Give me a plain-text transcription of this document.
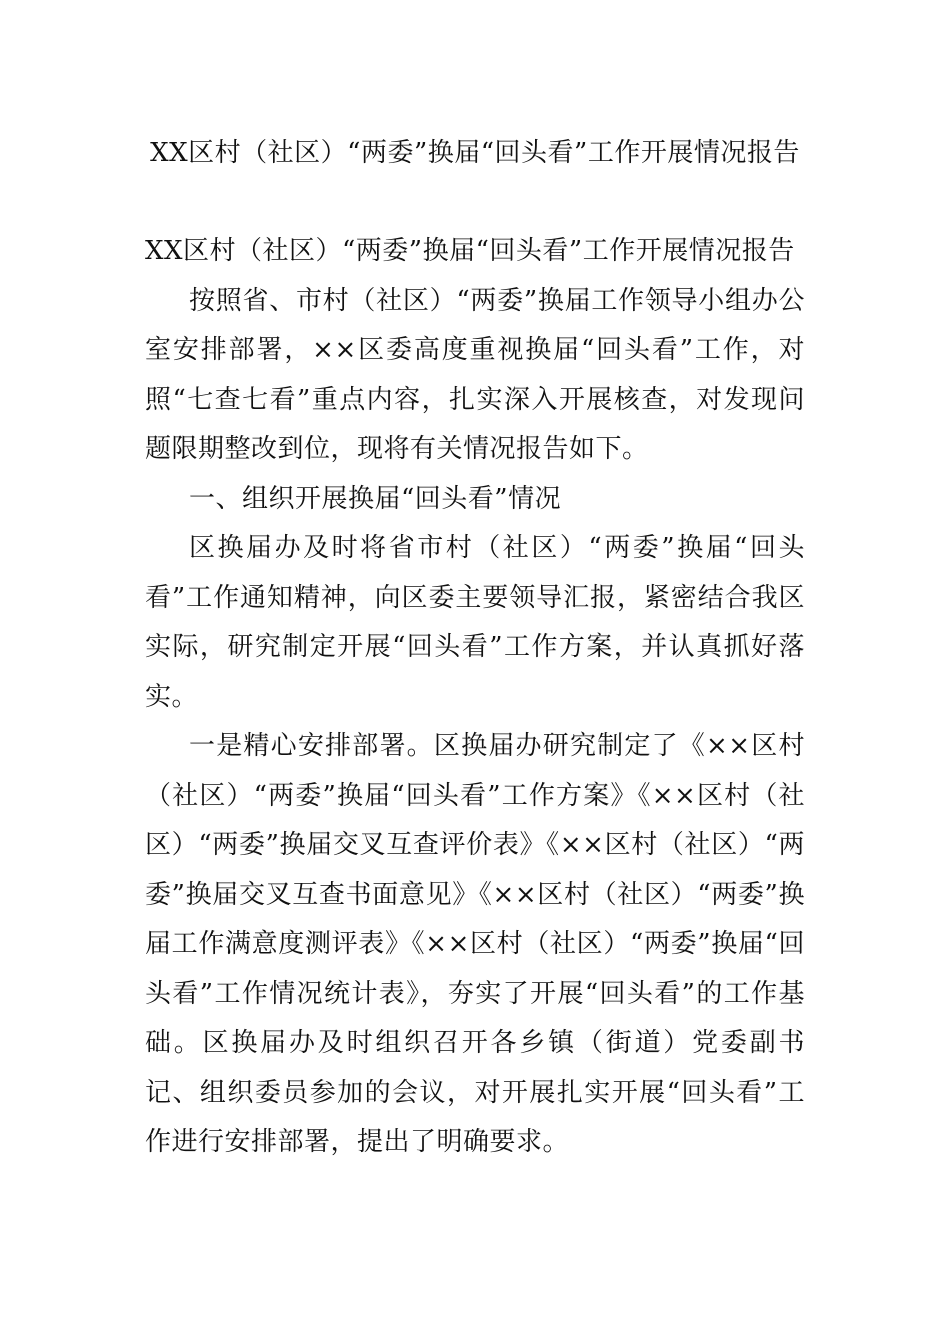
XX区村（社区）“两委”换届“回头看”工作开展情况报告

XX区村（社区）“两委”换届“回头看”工作开展情况报告

按照省、市村（社区）“两委”换届工作领导小组办公室安排部署，××区委高度重视换届“回头看”工作，对照“七查七看”重点内容，扎实深入开展核查，对发现问题限期整改到位，现将有关情况报告如下。

一、组织开展换届“回头看”情况

区换届办及时将省市村（社区）“两委”换届“回头看”工作通知精神，向区委主要领导汇报，紧密结合我区实际，研究制定开展“回头看”工作方案，并认真抓好落实。

一是精心安排部署。区换届办研究制定了《××区村（社区）“两委”换届“回头看”工作方案》《××区村（社区）“两委”换届交叉互查评价表》《××区村（社区）“两委”换届交叉互查书面意见》《××区村（社区）“两委”换届工作满意度测评表》《××区村（社区）“两委”换届“回头看”工作情况统计表》，夯实了开展“回头看”的工作基础。区换届办及时组织召开各乡镇（街道）党委副书记、组织委员参加的会议，对开展扎实开展“回头看”工作进行安排部署，提出了明确要求。
